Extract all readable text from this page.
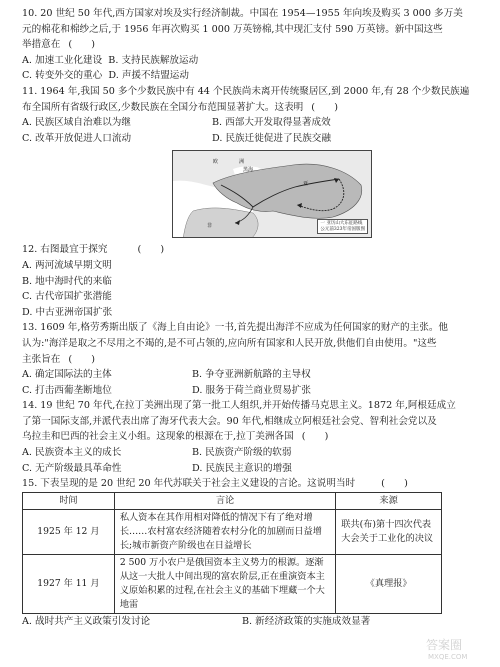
10. 20 世纪 50 年代,西方国家对埃及实行经济制裁。中国在 1954—1955 年向埃及购买 3 000 多万美
元的棉花和棉纱之后,于 1956 年再次购买 1 000 万英镑棉,其中现汇支付 590 万英镑。新中国这些
举措意在 (　　)
A. 加速工业化建设
B. 支持民族解放运动
C. 转变外交的重心
D. 声援不结盟运动
11. 1964 年,我国 50 多个少数民族中有 44 个民族尚未离开传统聚居区,到 2000 年,有 28 个少数民族遍
布全国所有省级行政区,少数民族在全国分布范围显著扩大。这表明 (　　)
A. 民族区域自治难以为继	B. 西部大开发取得显著成效
C. 改革开放促进人口流动	D. 民族迁徙促进了民族交融
欧	洲
黑海
亚
非	一 亚历山大东征路线
公元前323年帝国版图
12. 右图最宜于探究	(　　)
A. 两河流域早期文明
B. 地中海时代的来临
C. 古代帝国扩张潜能
D. 中古亚洲帝国扩张
13. 1609 年,格劳秀斯出版了《海上自由论》一书,首先提出海洋不应成为任何国家的财产的主张。他
认为:"海洋是取之不尽用之不竭的,是不可占领的,应向所有国家和人民开放,供他们自由使用。"这些
主张旨在 (　　)
A. 确定国际法的主体	B. 争夺亚洲新航路的主导权
C. 打击西葡垄断地位	D. 服务于荷兰商业贸易扩张
14. 19 世纪 70 年代,在拉丁美洲出现了第一批工人组织,并开始传播马克思主义。1872 年,阿根廷成立
了第一国际支部,并派代表出席了海牙代表大会。90 年代,相继成立阿根廷社会党、智利社会党以及
乌拉圭和巴西的社会主义小组。这现象的根源在于,拉丁美洲各国 (　　)
A. 民族资本主义的成长	B. 民族资产阶级的软弱
C. 无产阶级最具革命性	D. 民族民主意识的增强
15. 下表呈现的是 20 世纪 20 年代苏联关于社会主义建设的言论。这说明当时	(　　)
时间	言论	来源
1925 年 12 月	私人资本在其作用相对降低的情况下有了绝对增长……农村富农经济随着农村分化的加剧而日益增长;城市新资产阶级也在日益增长	联共(布)第十四次代表大会关于工业化的决议
1927 年 11 月	2 500 万小农户是俄国资本主义势力的根源。逐渐从这一大批人中间出现的富农阶层,正在重演资本主义原始积累的过程,在社会主义的基础下埋藏一个大地雷	《真理报》
A. 战时共产主义政策引发讨论	B. 新经济政策的实施成效显著
答案圈
MXQE.COM
